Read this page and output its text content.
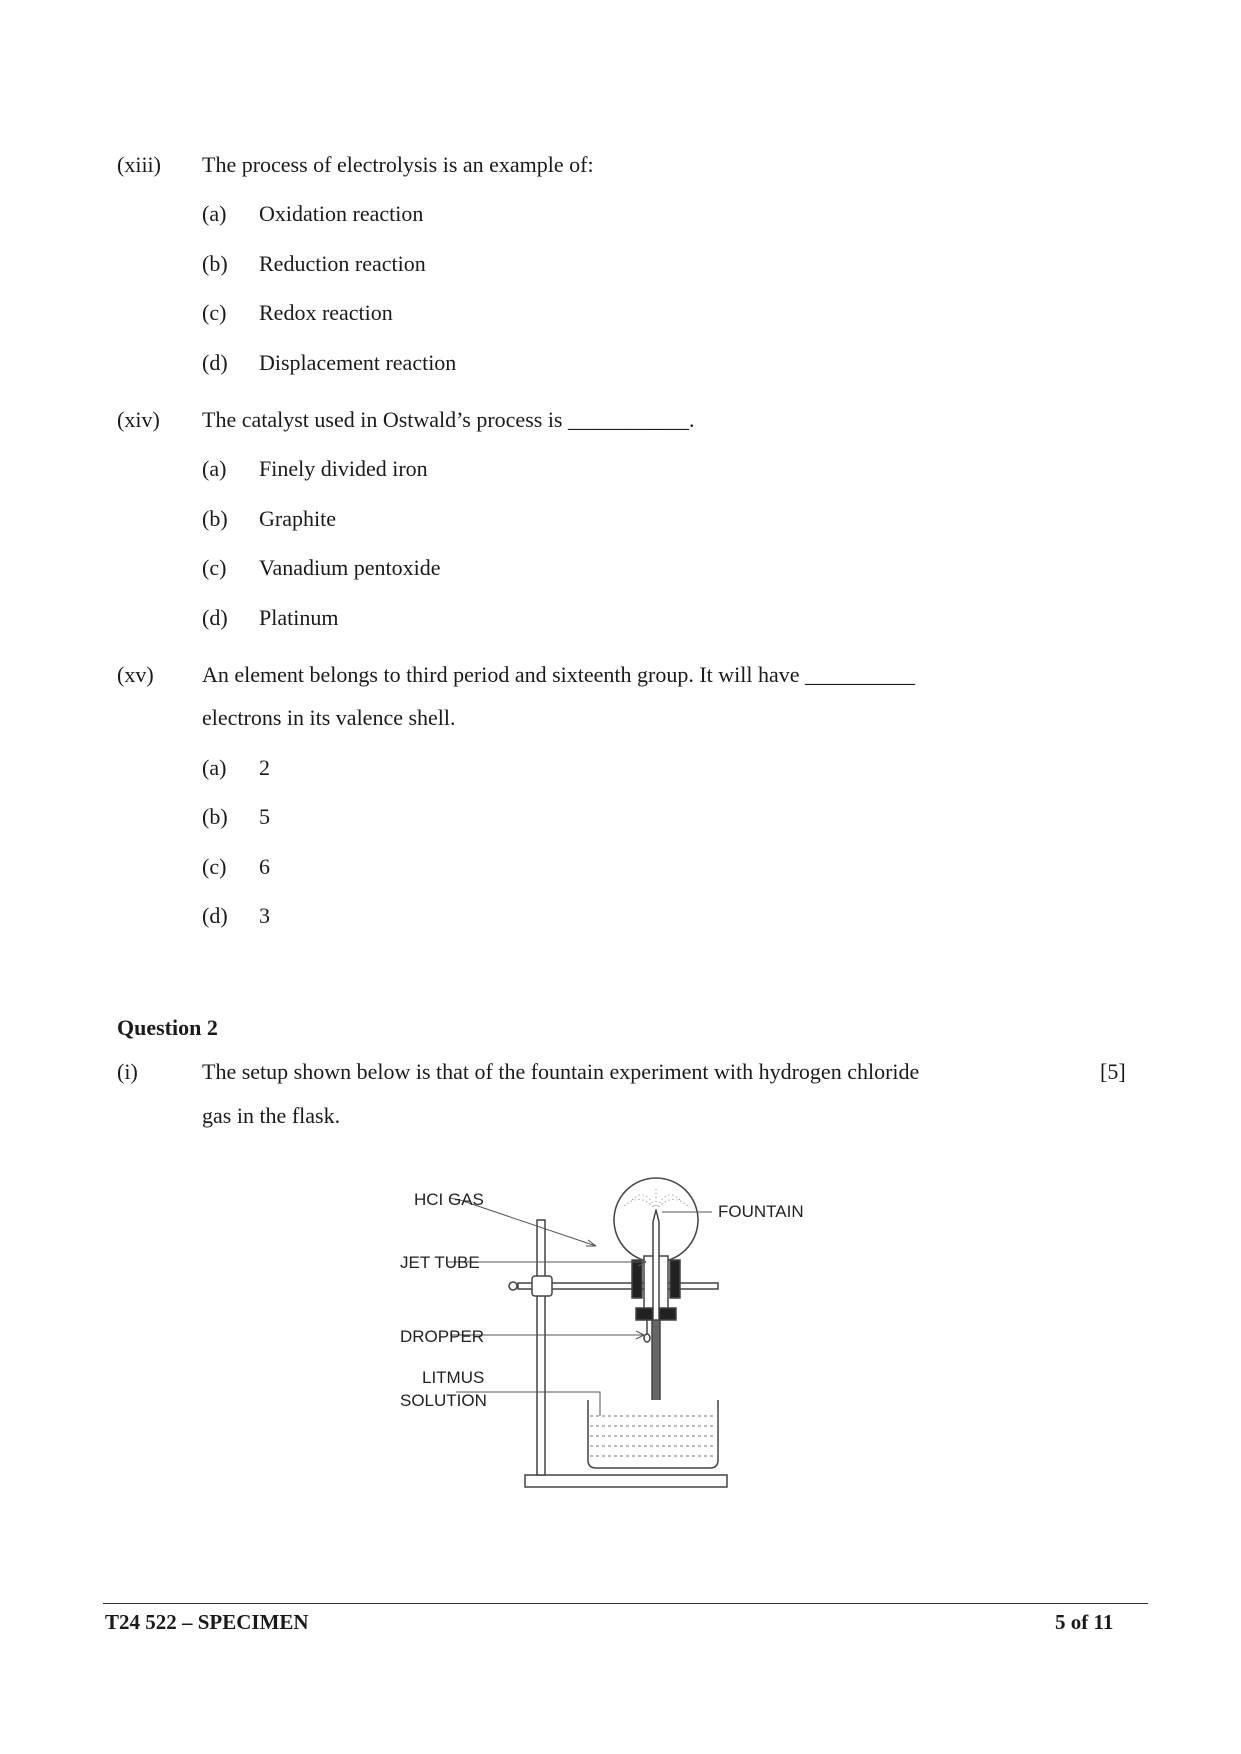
(xiii) The process of electrolysis is an example of:
(a) Oxidation reaction
(b) Reduction reaction
(c) Redox reaction
(d) Displacement reaction
(xiv) The catalyst used in Ostwald’s process is ___________.
(a) Finely divided iron
(b) Graphite
(c) Vanadium pentoxide
(d) Platinum
(xv) An element belongs to third period and sixteenth group. It will have __________
electrons in its valence shell.
(a) 2
(b) 5
(c) 6
(d) 3
Question 2
(i)	The setup shown below is that of the fountain experiment with hydrogen chloride	[5]
gas in the flask.
HCI GAS
FOUNTAIN
JET TUBE
DROPPER
LITMUS
SOLUTION
T24 522 – SPECIMEN	5 of 11
